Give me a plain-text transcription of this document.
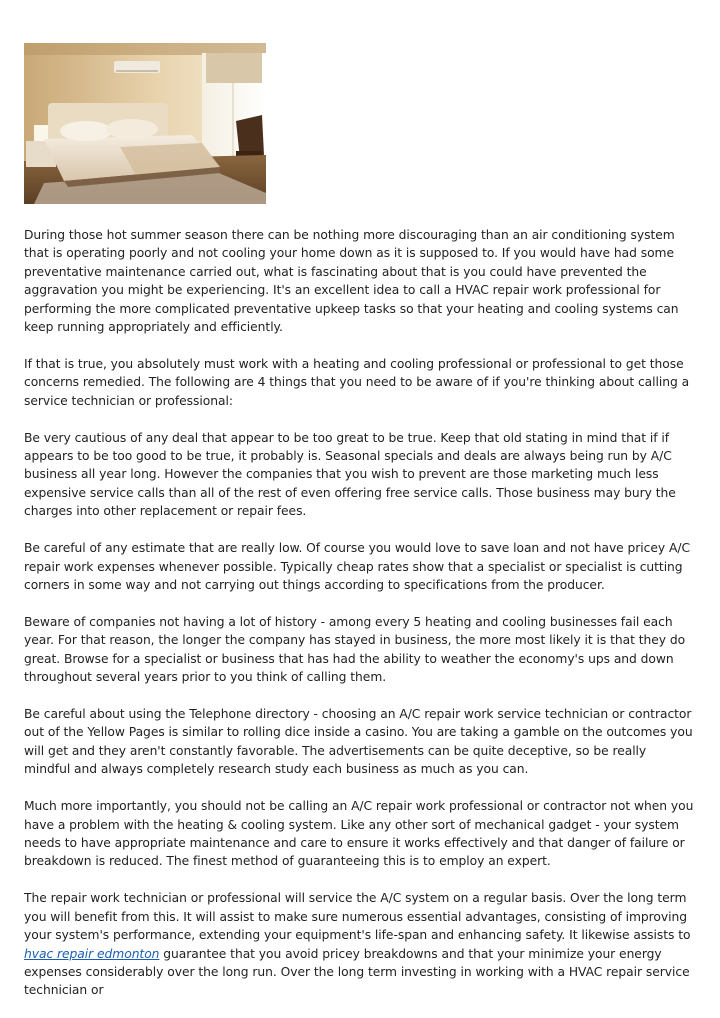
During those hot summer season there can be nothing more discouraging than an air conditioning system that is operating poorly and not cooling your home down as it is supposed to. If you would have had some preventative maintenance carried out, what is fascinating about that is you could have prevented the aggravation you might be experiencing. It's an excellent idea to call a HVAC repair work professional for performing the more complicated preventative upkeep tasks so that your heating and cooling systems can keep running appropriately and efficiently.

If that is true, you absolutely must work with a heating and cooling professional or professional to get those concerns remedied. The following are 4 things that you need to be aware of if you're thinking about calling a service technician or professional:

Be very cautious of any deal that appear to be too great to be true. Keep that old stating in mind that if if appears to be too good to be true, it probably is. Seasonal specials and deals are always being run by A/C business all year long. However the companies that you wish to prevent are those marketing much less expensive service calls than all of the rest of even offering free service calls. Those business may bury the charges into other replacement or repair fees.

Be careful of any estimate that are really low. Of course you would love to save loan and not have pricey A/C repair work expenses whenever possible. Typically cheap rates show that a specialist or specialist is cutting corners in some way and not carrying out things according to specifications from the producer.

Beware of companies not having a lot of history - among every 5 heating and cooling businesses fail each year. For that reason, the longer the company has stayed in business, the more most likely it is that they do great. Browse for a specialist or business that has had the ability to weather the economy's ups and down throughout several years prior to you think of calling them.

Be careful about using the Telephone directory - choosing an A/C repair work service technician or contractor out of the Yellow Pages is similar to rolling dice inside a casino. You are taking a gamble on the outcomes you will get and they aren't constantly favorable. The advertisements can be quite deceptive, so be really mindful and always completely research study each business as much as you can.

Much more importantly, you should not be calling an A/C repair work professional or contractor not when you have a problem with the heating & cooling system. Like any other sort of mechanical gadget - your system needs to have appropriate maintenance and care to ensure it works effectively and that danger of failure or breakdown is reduced. The finest method of guaranteeing this is to employ an expert.

The repair work technician or professional will service the A/C system on a regular basis. Over the long term you will benefit from this. It will assist to make sure numerous essential advantages, consisting of improving your system's performance, extending your equipment's life-span and enhancing safety. It likewise assists to hvac repair edmonton guarantee that you avoid pricey breakdowns and that your minimize your energy expenses considerably over the long run. Over the long term investing in working with a HVAC repair service technician or
